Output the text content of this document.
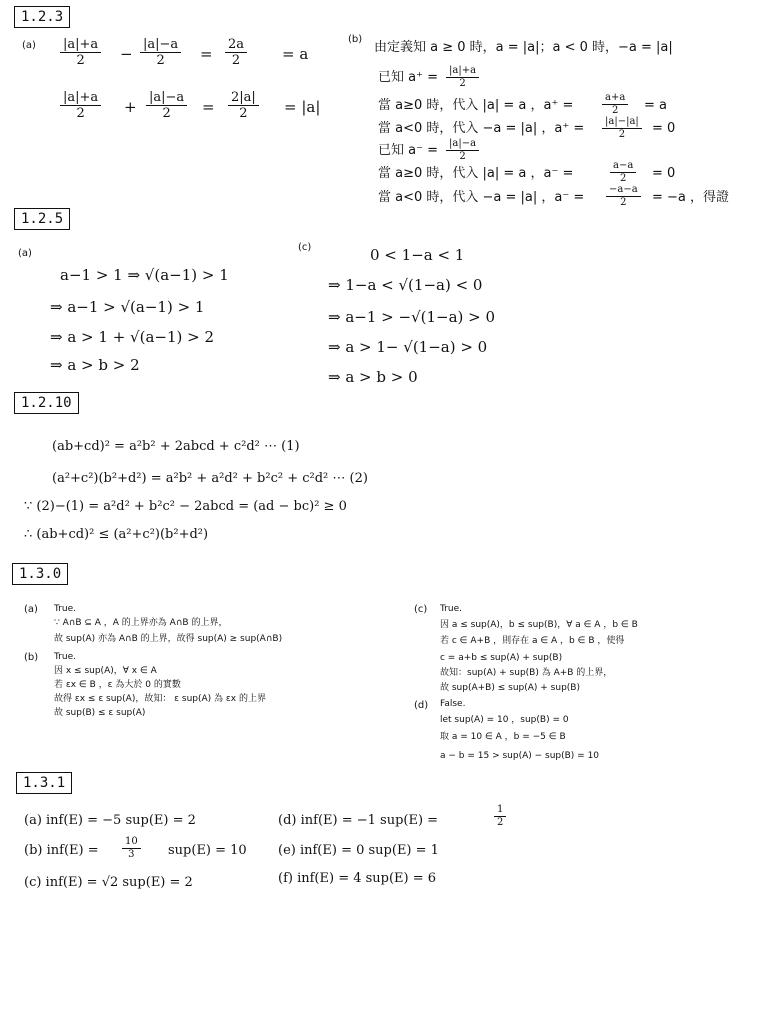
1.2.3
$(a) \frac{|a|+a}{2} - \frac{|a|-a}{2} = \frac{2a}{2} = a$
$\frac{|a|+a}{2} + \frac{|a|-a}{2} = \frac{2|a|}{2} = |a|$
(b)
由定義知 a ≥ 0 時，a = |a|；a < 0 時，−a = |a|
已知 $a^+ = \frac{|a|+a}{2}$
當 a≥0 時，代入 |a| = a ，a⁺ =	$\frac{a+a}{2} = a$
當 a<0 時，代入 −a = |a| ，$a^+ = \frac{|a|-|a|}{2} = 0$
已知 $a^- = \frac{|a|-a}{2}$
當 a≥0 時，代入 |a| = a ，a⁻ =	$\frac{a-a}{2} = 0$
當 a<0 時，代入 −a = |a| ，$a^- = \frac{-a-a}{2} = -a$ ，得證
1.2.5
(a)
a−1 > 1 ⇒ √(a−1) > 1
⇒ a−1 > √(a−1) > 1
⇒ a > 1 + √(a−1) > 2
⇒ a > b > 2
(c)	0 < 1−a < 1
⇒ 1−a < √(1−a) < 0
⇒ a−1 > −√(1−a) > 0
⇒ a > 1− √(1−a) > 0
⇒ a > b > 0
1.2.10
(ab+cd)² = a²b² + 2abcd + c²d² ⋯ (1)
(a²+c²)(b²+d²) = a²b² + a²d² + b²c² + c²d² ⋯ (2)
∵ (2)−(1) = a²d² + b²c² − 2abcd = (ad − bc)² ≥ 0
∴ (ab+cd)² ≤ (a²+c²)(b²+d²)
1.3.0
(a) True.
∵ A∩B ⊆ A ，A 的上界亦為 A∩B 的上界，
故 sup(A) 亦為 A∩B 的上界，故得 sup(A) ≥ sup(A∩B)
(b) True.
因 x ≤ sup(A)，∀ x ∈ A
若 εx ∈ B ，ε 為大於 0 的實數
故得 εx ≤ ε sup(A)，故知： ε sup(A) 為 εx 的上界
故 sup(B) ≤ ε sup(A)
(c) True.
因 a ≤ sup(A)，b ≤ sup(B)，∀ a ∈ A ，b ∈ B
若 c ∈ A+B ，則存在 a ∈ A ，b ∈ B ，使得
c = a+b ≤ sup(A) + sup(B)
故知：sup(A) + sup(B) 為 A+B 的上界，
故 sup(A+B) ≤ sup(A) + sup(B)
(d) False.
let sup(A) = 10 ，sup(B) = 0
取 a = 10 ∈ A ，b = −5 ∈ B
a − b = 15 > sup(A) − sup(B) = 10
1.3.1
(a) inf(E) = −5 sup(E) = 2
(b) $inf(E) = \frac{10}{3} sup(E) = 10$
(c) inf(E) = √2 sup(E) = 2
(d) inf(E) = −1 sup(E) =	$\frac{1}{2}$
(e) inf(E) = 0 sup(E) = 1
(f) inf(E) = 4 sup(E) = 6
